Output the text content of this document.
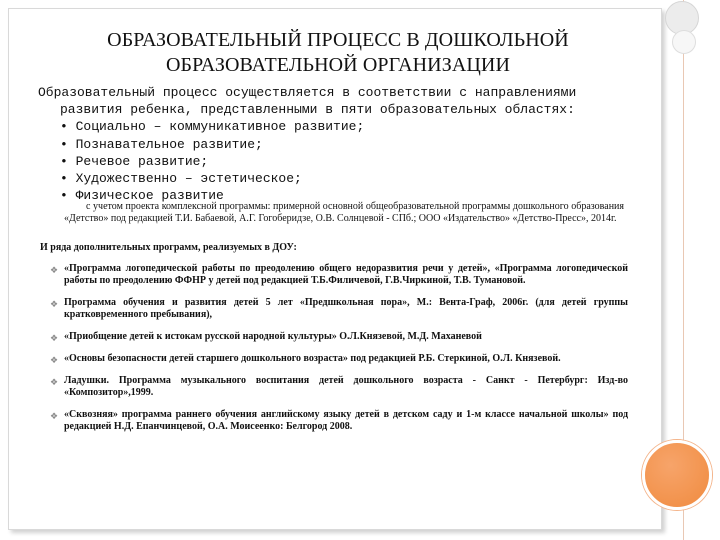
ОБРАЗОВАТЕЛЬНЫЙ ПРОЦЕСС В ДОШКОЛЬНОЙ ОБРАЗОВАТЕЛЬНОЙ ОРГАНИЗАЦИИ

Образовательный процесс осуществляется в соответствии с направлениями

развития ребенка, представленными в пяти образовательных областях:

• Социально – коммуникативное развитие;
• Познавательное развитие;
• Речевое развитие;
• Художественно – эстетическое;
• Физическое развитие
с учетом проекта комплексной программы: примерной основной общеобразовательной программы дошкольного образования «Детство» под редакцией Т.И. Бабаевой, А.Г. Гогоберидзе, О.В. Солнцевой - СПб.; ООО «Издательство» «Детство-Пресс», 2014г.
И ряда дополнительных программ, реализуемых в ДОУ:
❖ «Программа логопедической работы по преодолению общего недоразвития речи у детей», «Программа логопедической работы по преодолению ФФНР у детей под редакцией Т.Б.Филичевой, Г.В.Чиркиной, Т.В. Тумановой.
❖ Программа обучения и развития детей 5 лет «Предшкольная пора», М.: Вента-Граф, 2006г. (для детей группы кратковременного пребывания),
❖ «Приобщение детей к истокам русской народной культуры» О.Л.Князевой, М.Д. Маханевой
❖ «Основы безопасности детей старшего дошкольного возраста» под редакцией Р.Б. Стеркиной, О.Л. Князевой.
❖ Ладушки. Программа музыкального воспитания детей дошкольного возраста - Санкт - Петербург: Изд-во «Композитор»,1999.
❖ «Сквозняя» программа раннего обучения английскому языку детей в детском саду и 1-м классе начальной школы» под редакцией Н.Д. Епанчинцевой, О.А. Моисеенко: Белгород 2008.
